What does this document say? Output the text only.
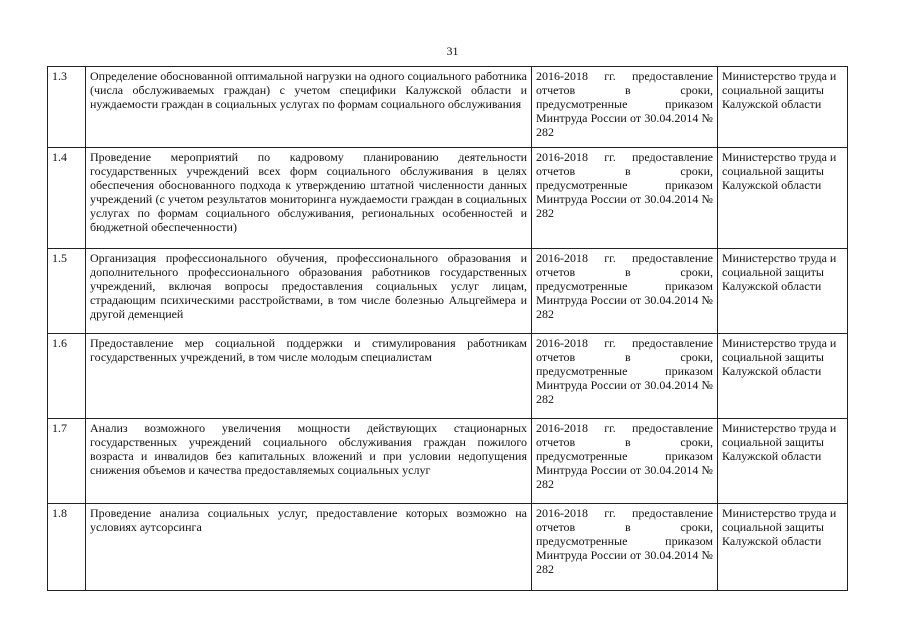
31
1.3	Определение обоснованной оптимальной нагрузки на одного социального работника (числа обслуживаемых граждан) с учетом специфики Калужской области и нуждаемости граждан в социальных услугах по формам социального обслуживания	2016-2018 гг. предоставление отчетов в сроки, предусмотренные приказом Минтруда России от 30.04.2014 № 282	Министерство труда и социальной защиты Калужской области
1.4	Проведение мероприятий по кадровому планированию деятельности государственных учреждений всех форм социального обслуживания в целях обеспечения обоснованного подхода к утверждению штатной численности данных учреждений (с учетом результатов мониторинга нуждаемости граждан в социальных услугах по формам социального обслуживания, региональных особенностей и бюджетной обеспеченности)	2016-2018 гг. предоставление отчетов в сроки, предусмотренные приказом Минтруда России от 30.04.2014 № 282	Министерство труда и социальной защиты Калужской области
1.5	Организация профессионального обучения, профессионального образования и дополнительного профессионального образования работников государственных учреждений, включая вопросы предоставления социальных услуг лицам, страдающим психическими расстройствами, в том числе болезнью Альцгеймера и другой деменцией	2016-2018 гг. предоставление отчетов в сроки, предусмотренные приказом Минтруда России от 30.04.2014 № 282	Министерство труда и социальной защиты Калужской области
1.6	Предоставление мер социальной поддержки и стимулирования работникам государственных учреждений, в том числе молодым специалистам	2016-2018 гг. предоставление отчетов в сроки, предусмотренные приказом Минтруда России от 30.04.2014 № 282	Министерство труда и социальной защиты Калужской области
1.7	Анализ возможного увеличения мощности действующих стационарных государственных учреждений социального обслуживания граждан пожилого возраста и инвалидов без капитальных вложений и при условии недопущения снижения объемов и качества предоставляемых социальных услуг	2016-2018 гг. предоставление отчетов в сроки, предусмотренные приказом Минтруда России от 30.04.2014 № 282	Министерство труда и социальной защиты Калужской области
1.8	Проведение анализа социальных услуг, предоставление которых возможно на условиях аутсорсинга	2016-2018 гг. предоставление отчетов в сроки, предусмотренные приказом Минтруда России от 30.04.2014 № 282	Министерство труда и социальной защиты Калужской области
